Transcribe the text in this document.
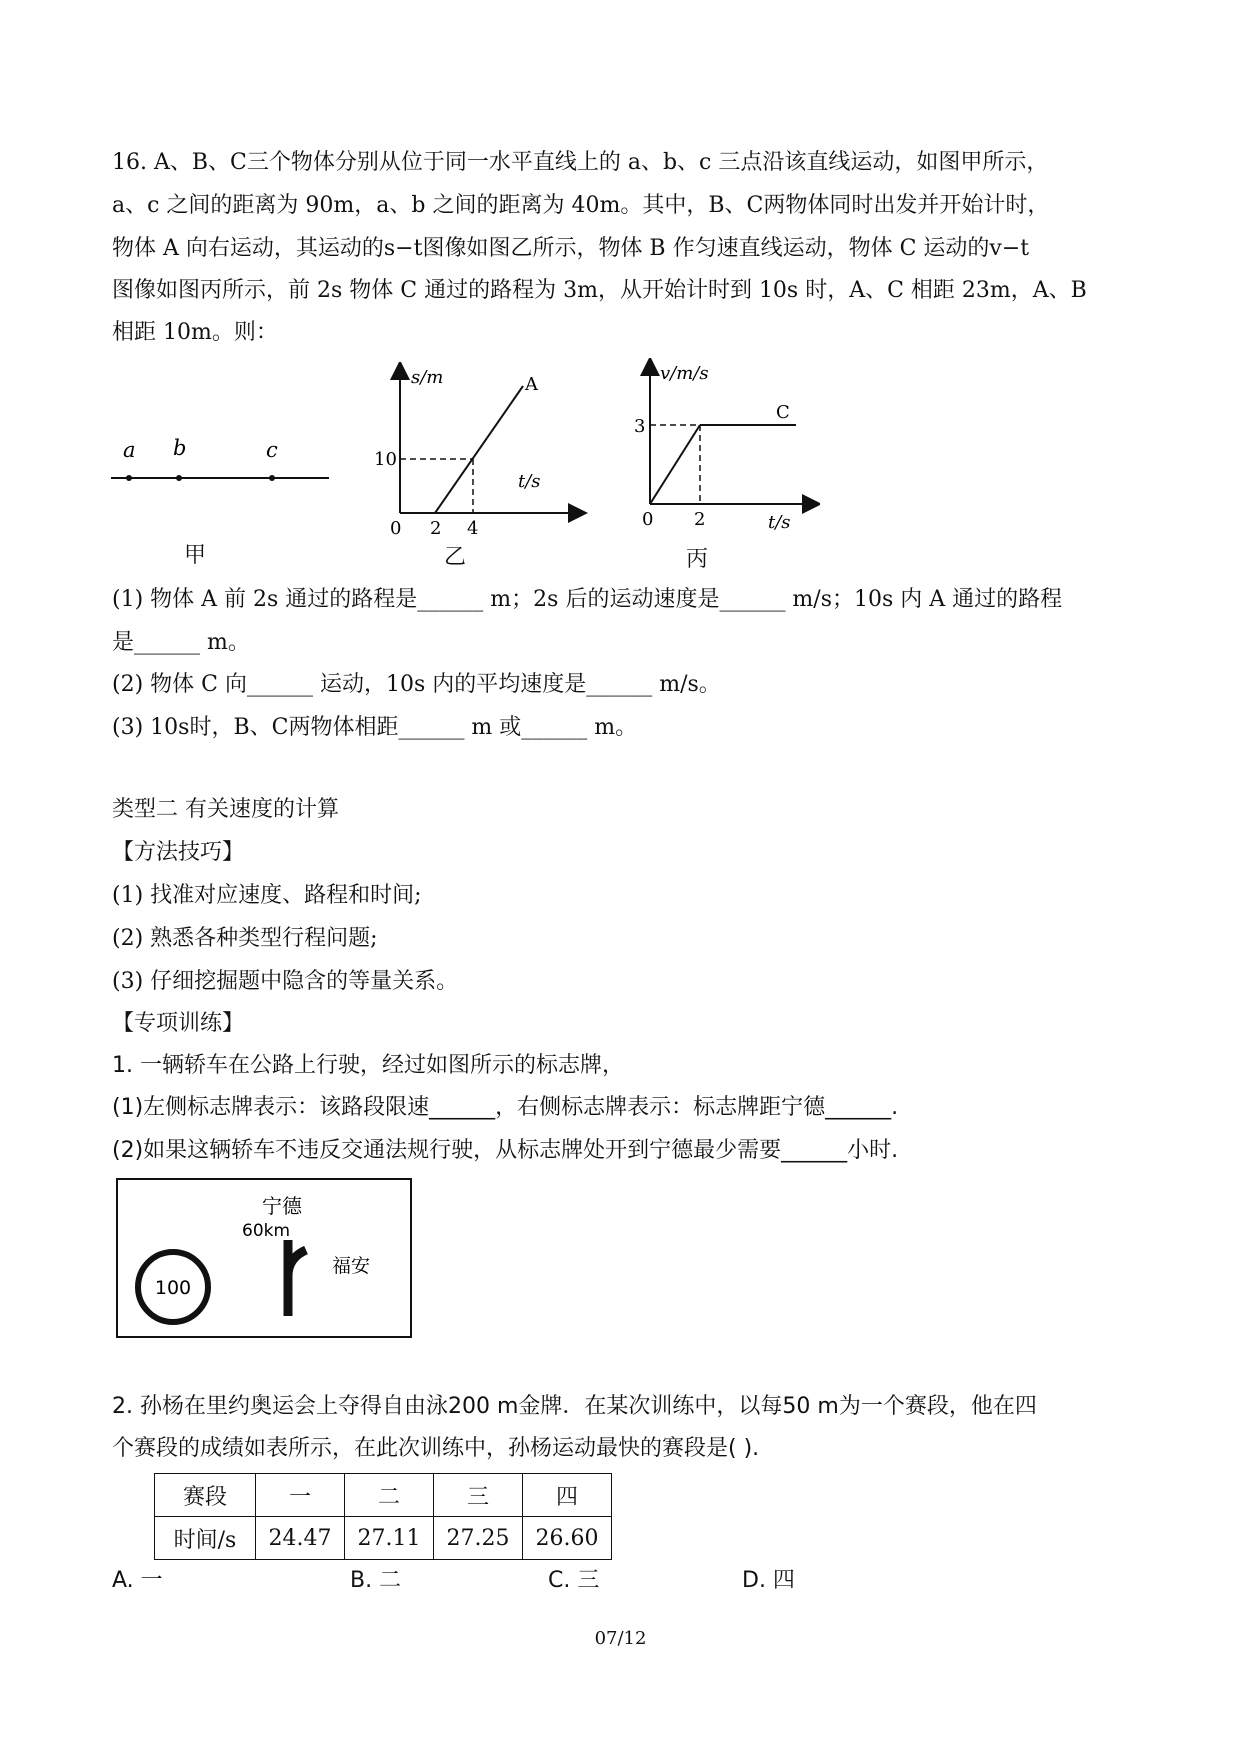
16. A、B、C三个物体分别从位于同一水平直线上的 a、b、c 三点沿该直线运动，如图甲所示，
a、c 之间的距离为 90m，a、b 之间的距离为 40m。其中，B、C两物体同时出发并开始计时，
物体 A 向右运动，其运动的s−t图像如图乙所示，物体 B 作匀速直线运动，物体 C 运动的v−t
图像如图丙所示，前 2s 物体 C 通过的路程为 3m，从开始计时到 10s 时，A、C 相距 23m，A、B
相距 10m。则：
a b	c
甲
s/m	A
10
t/s
0 2 4
乙
v/m/s
C
3
0 2	t/s
丙
(1) 物体 A 前 2s 通过的路程是______ m；2s 后的运动速度是______ m/s；10s 内 A 通过的路程
是______ m。
(2) 物体 C 向______ 运动，10s 内的平均速度是______ m/s。
(3) 10s时，B、C两物体相距______ m 或______ m。
类型二 有关速度的计算
【方法技巧】
(1) 找准对应速度、路程和时间;
(2) 熟悉各种类型行程问题;
(3) 仔细挖掘题中隐含的等量关系。
【专项训练】
1. 一辆轿车在公路上行驶，经过如图所示的标志牌，
(1)左侧标志牌表示：该路段限速______，右侧标志牌表示：标志牌距宁德______.
(2)如果这辆轿车不违反交通法规行驶，从标志牌处开到宁德最少需要______小时.
100
宁德
60km
福安
2. 孙杨在里约奥运会上夺得自由泳200 m金牌．在某次训练中，以每50 m为一个赛段，他在四
个赛段的成绩如表所示，在此次训练中，孙杨运动最快的赛段是( ).
赛段	一	二	三	四
时间/s	24.47	27.11	27.25	26.60
A. 一	B. 二	C. 三	D. 四
07/12
